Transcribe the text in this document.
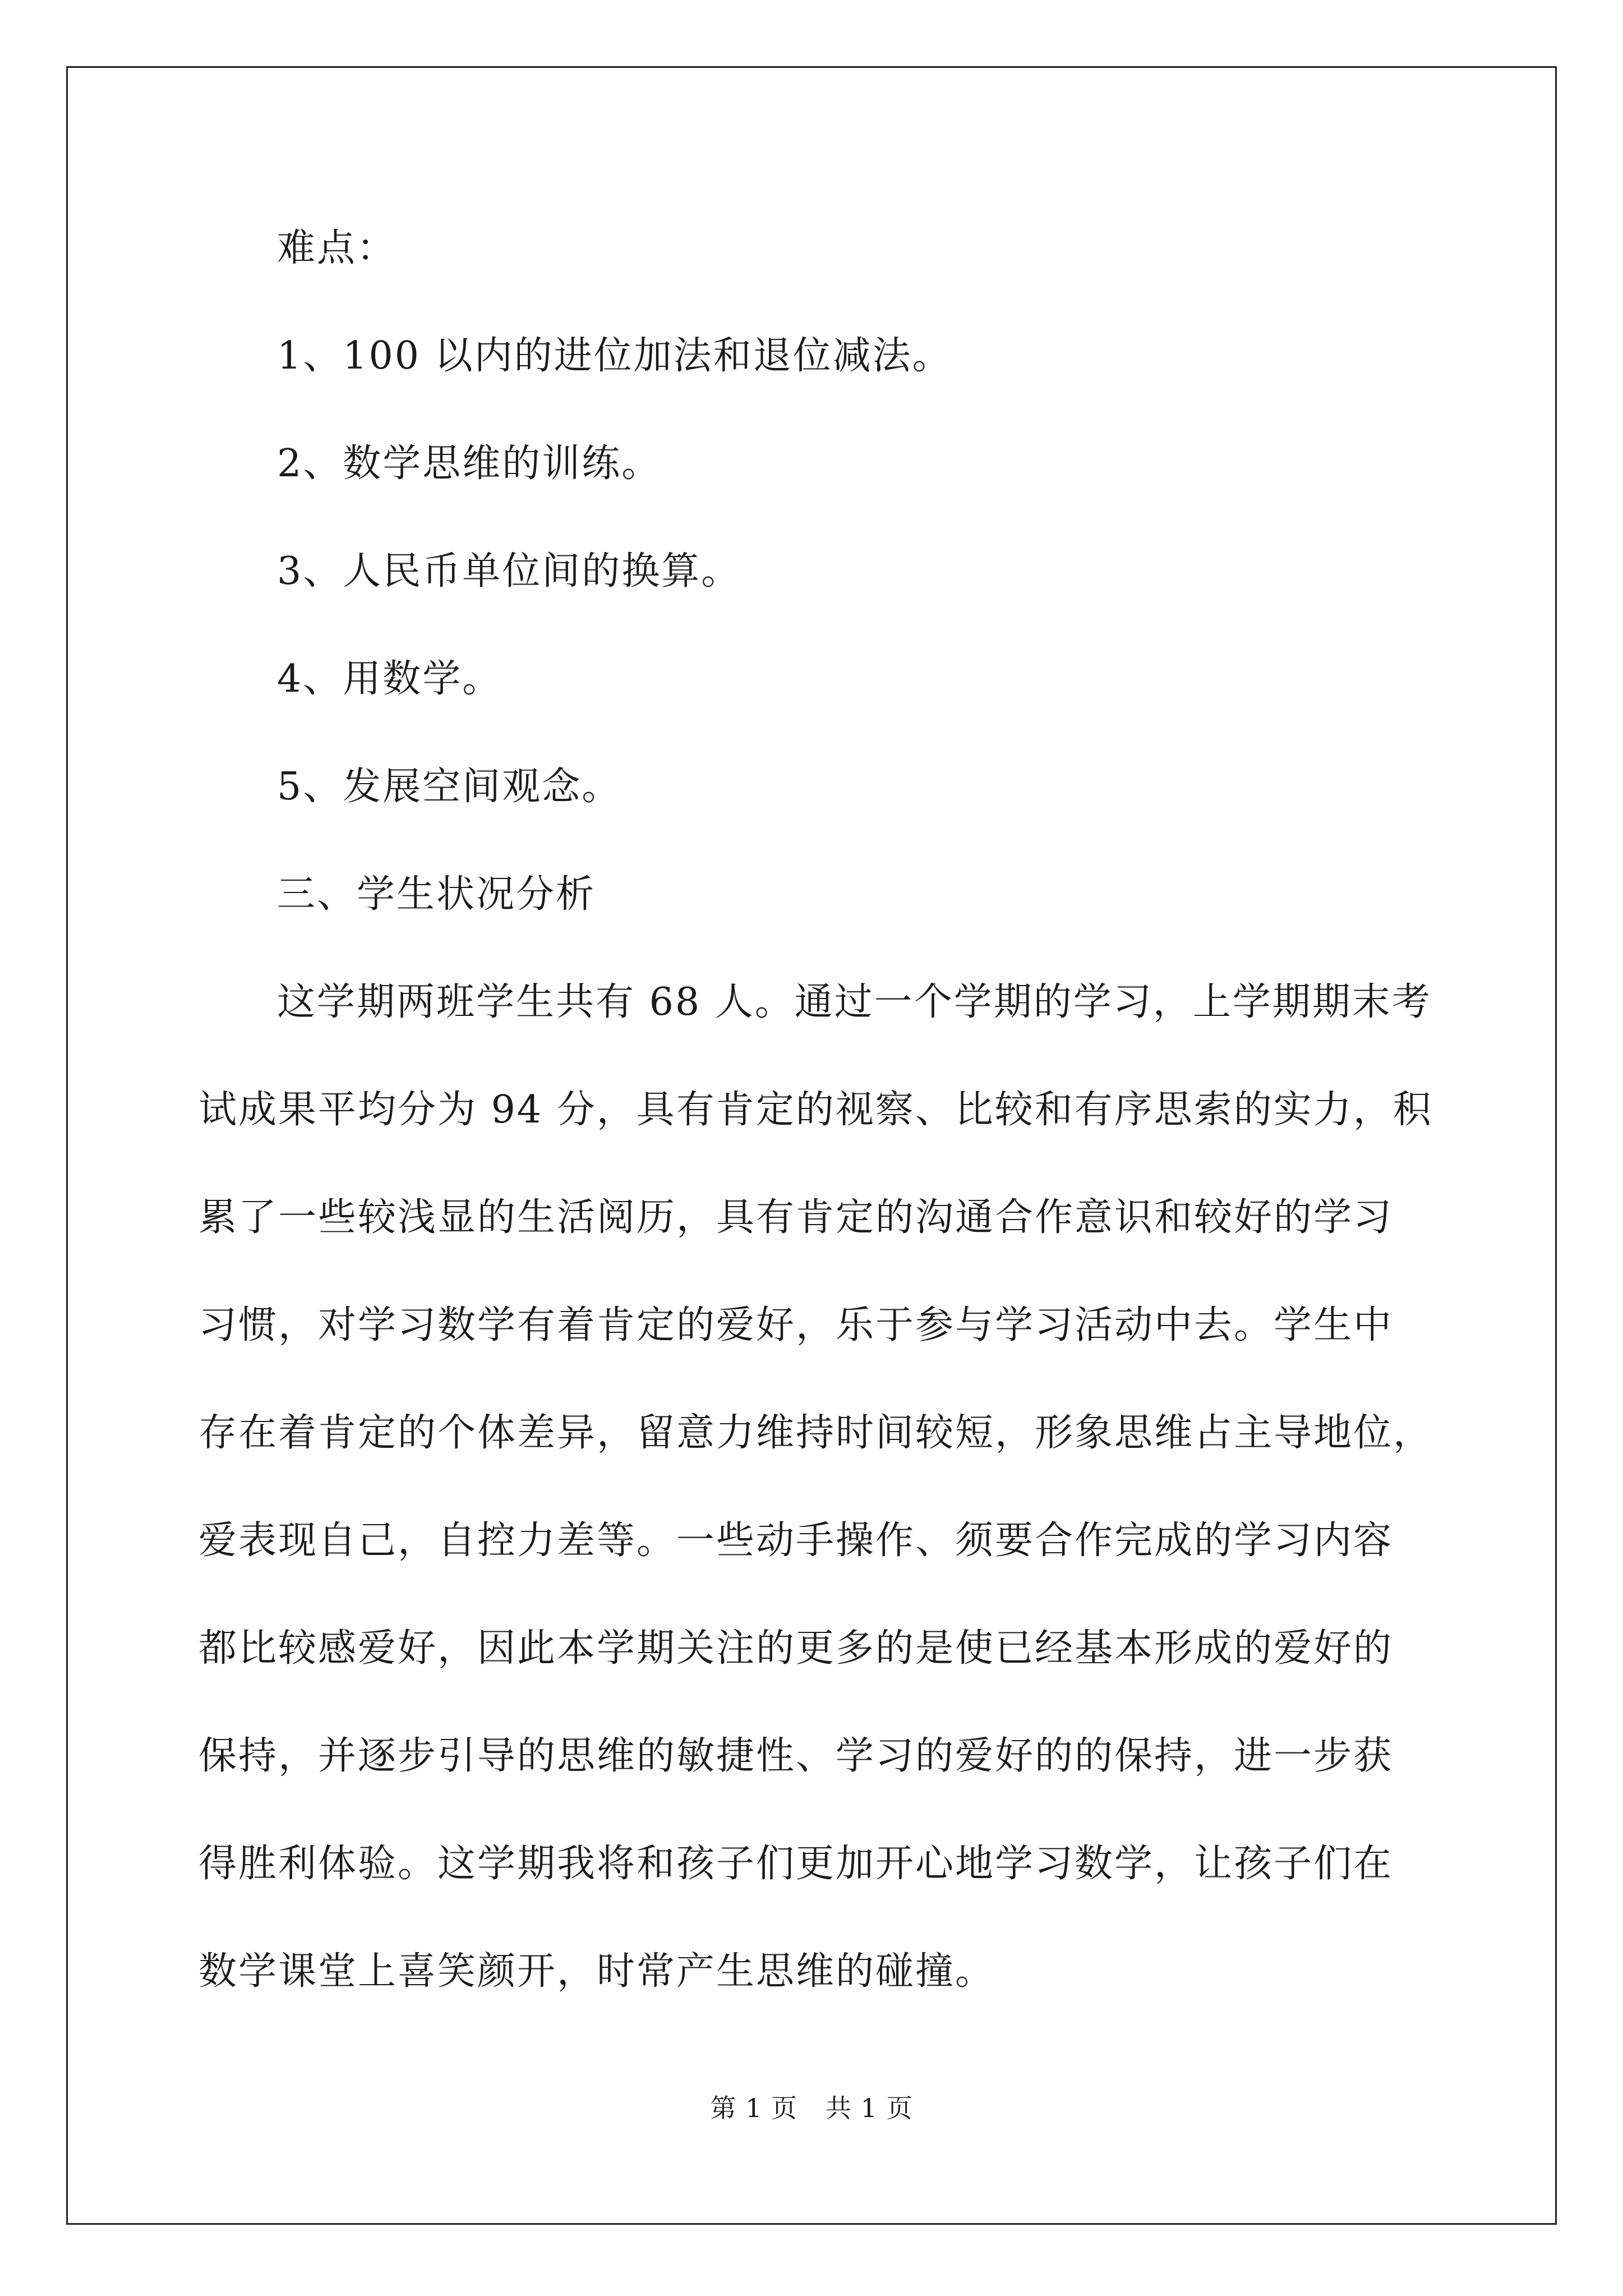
难点：
1、100 以内的进位加法和退位减法。
2、数学思维的训练。
3、人民币单位间的换算。
4、用数学。
5、发展空间观念。
三、学生状况分析
这学期两班学生共有 68 人。通过一个学期的学习，上学期期末考
试成果平均分为 94 分，具有肯定的视察、比较和有序思索的实力，积
累了一些较浅显的生活阅历，具有肯定的沟通合作意识和较好的学习
习惯，对学习数学有着肯定的爱好，乐于参与学习活动中去。学生中
存在着肯定的个体差异，留意力维持时间较短，形象思维占主导地位，
爱表现自己，自控力差等。一些动手操作、须要合作完成的学习内容
都比较感爱好，因此本学期关注的更多的是使已经基本形成的爱好的
保持，并逐步引导的思维的敏捷性、学习的爱好的的保持，进一步获
得胜利体验。这学期我将和孩子们更加开心地学习数学，让孩子们在
数学课堂上喜笑颜开，时常产生思维的碰撞。
第 1 页 共 1 页
